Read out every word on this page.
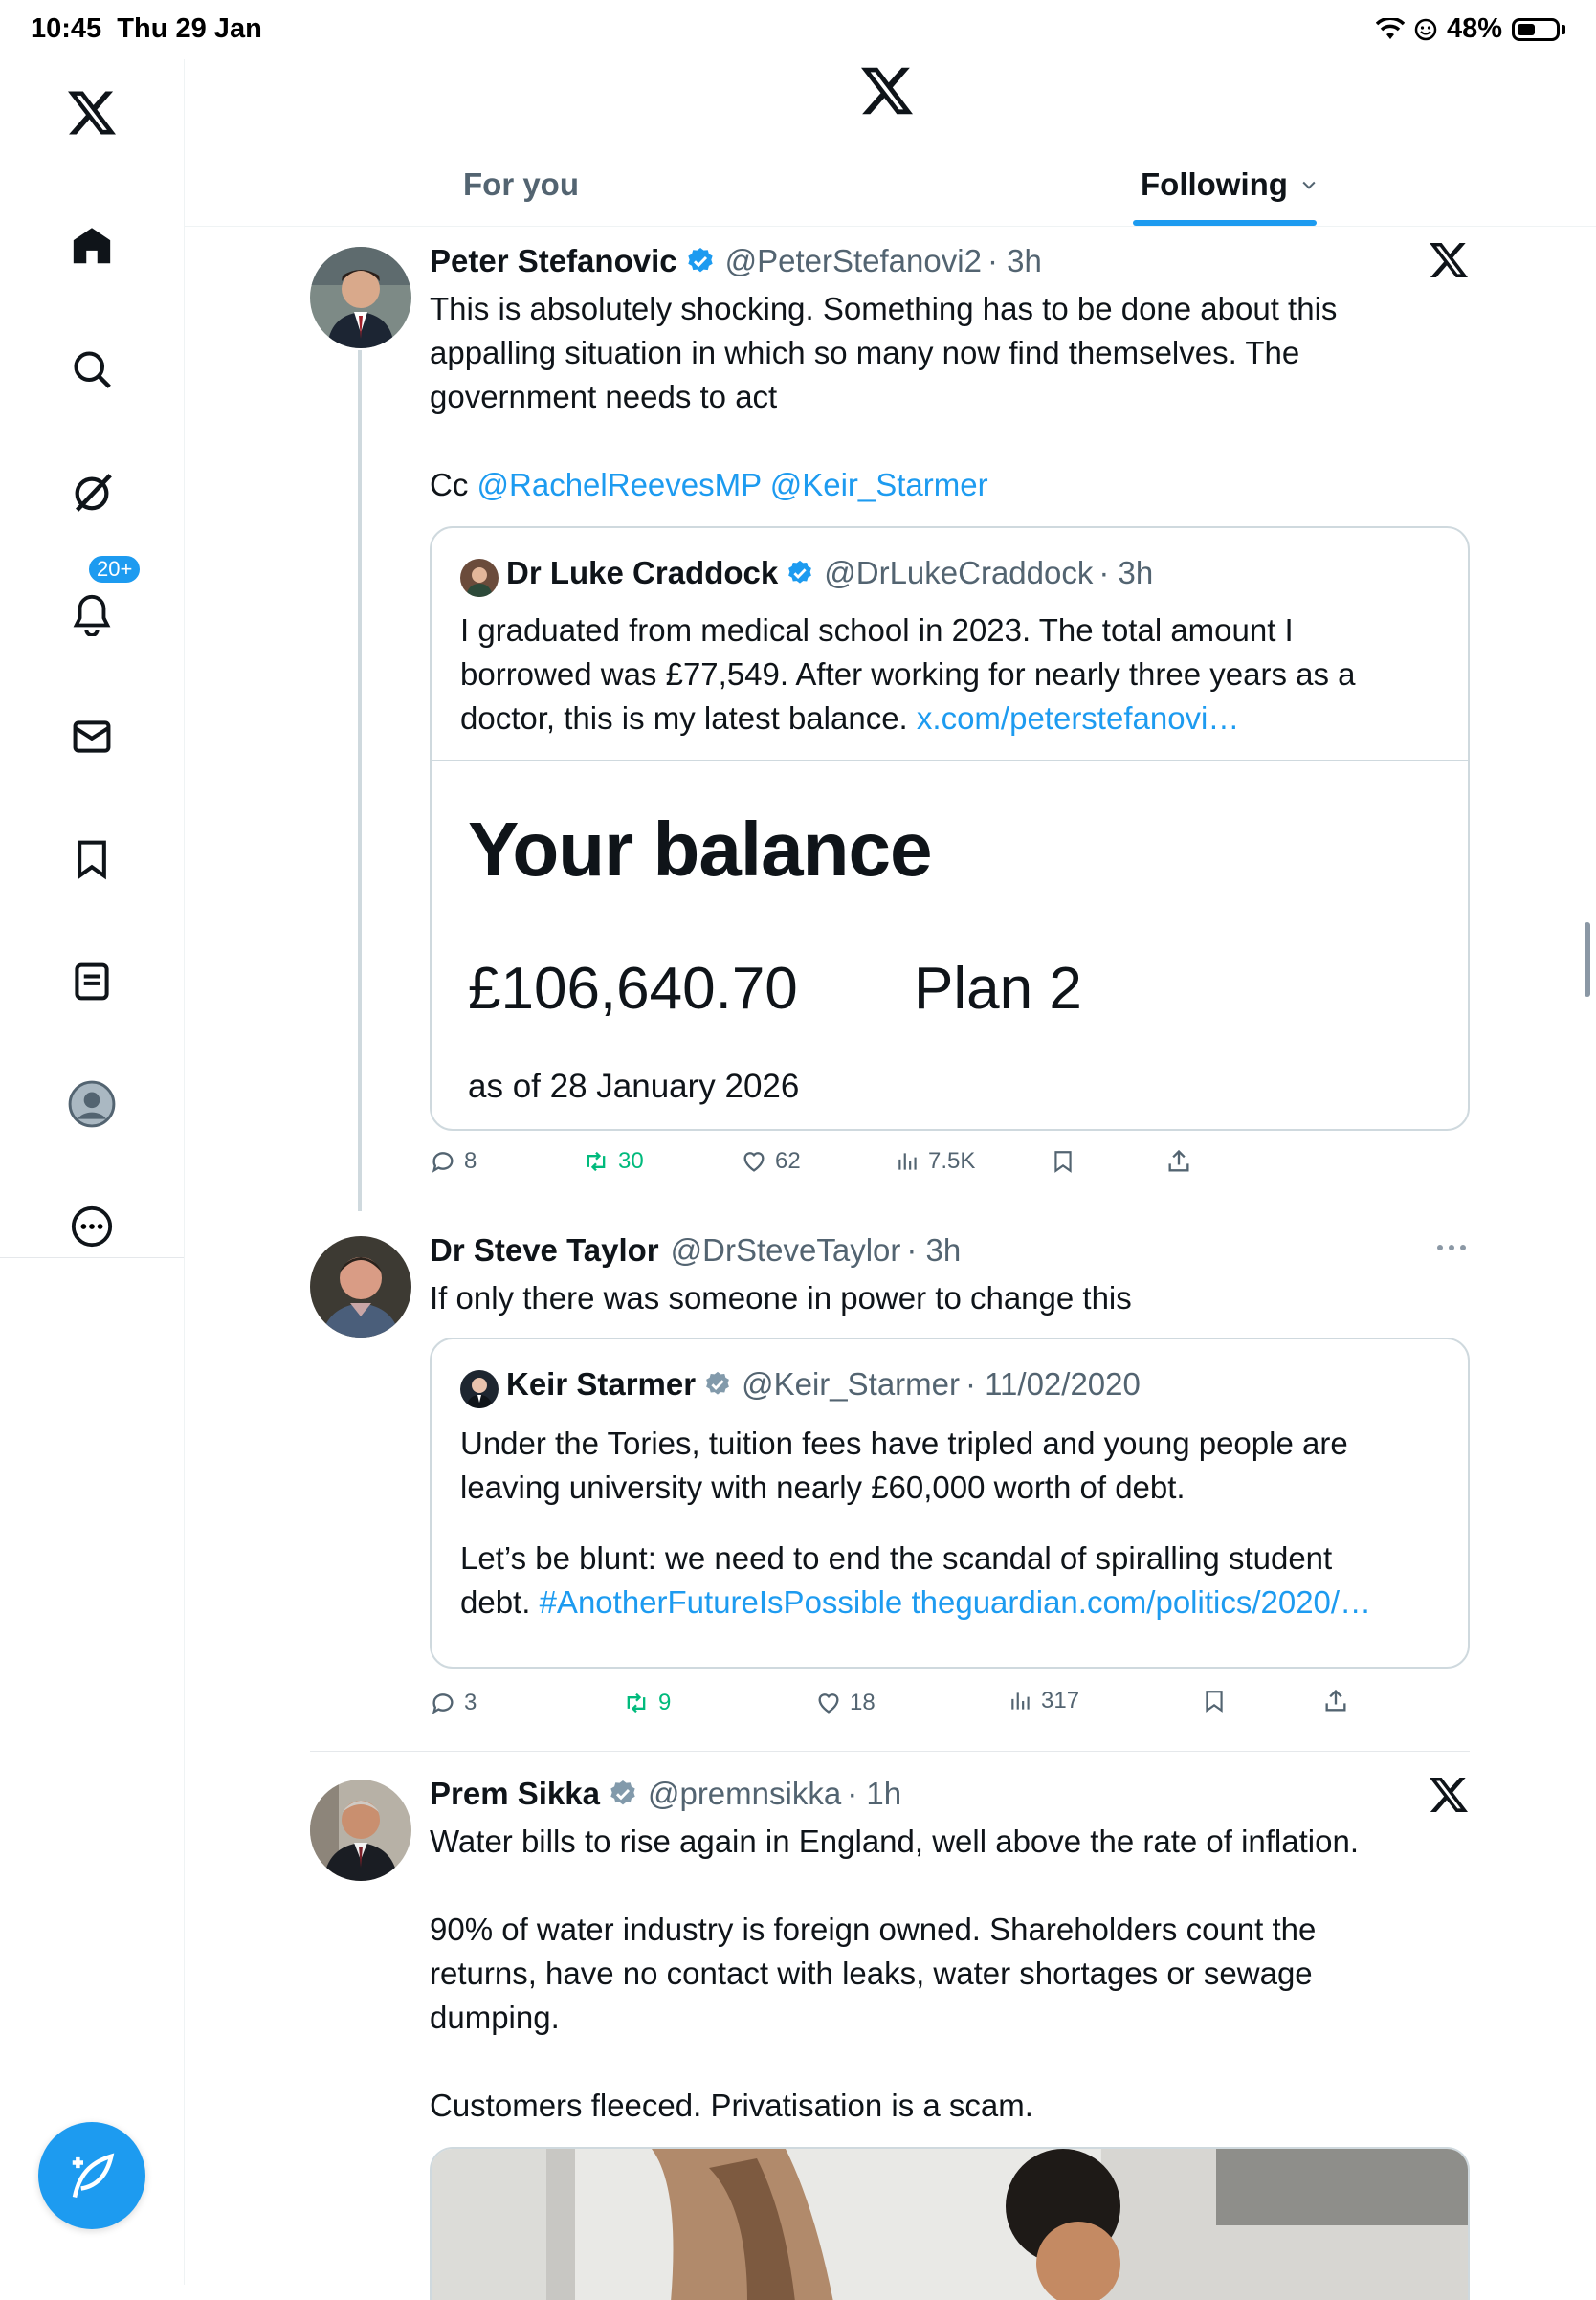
10:45 Thu 29 Jan	48%
20+
For you	Following
Peter Stefanovic @PeterStefanovi2 · 3h
This is absolutely shocking. Something has to be done about this
appalling situation in which so many now find themselves. The
government needs to act
Cc @RachelReevesMP @Keir_Starmer
Dr Luke Craddock @DrLukeCraddock · 3h
I graduated from medical school in 2023. The total amount I
borrowed was £77,549. After working for nearly three years as a
doctor, this is my latest balance. x.com/peterstefanovi…
Your balance
£106,640.70 Plan 2
as of 28 January 2026
8	30	62	7.5K
Dr Steve Taylor @DrSteveTaylor · 3h
If only there was someone in power to change this
Keir Starmer @Keir_Starmer · 11/02/2020
Under the Tories, tuition fees have tripled and young people are
leaving university with nearly £60,000 worth of debt.
Let’s be blunt: we need to end the scandal of spiralling student
debt. #AnotherFutureIsPossible theguardian.com/politics/2020/…
3	9	18	317
Prem Sikka @premnsikka · 1h
Water bills to rise again in England, well above the rate of inflation.
90% of water industry is foreign owned. Shareholders count the
returns, have no contact with leaks, water shortages or sewage
dumping.
Customers fleeced. Privatisation is a scam.
